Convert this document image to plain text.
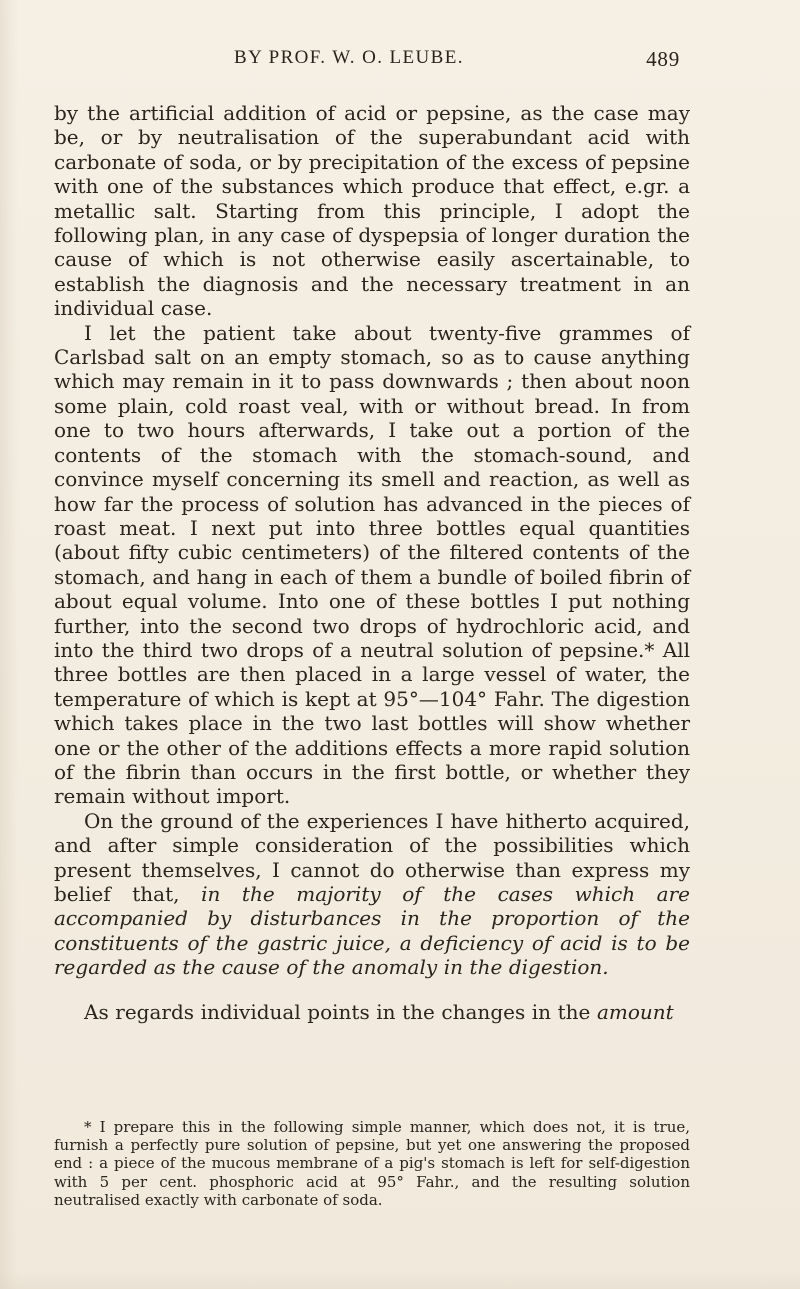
BY PROF. W. O. LEUBE.	489

by the artificial addition of acid or pepsine, as the case may be, or by neutralisation of the superabundant acid with carbonate of soda, or by precipitation of the excess of pepsine with one of the substances which produce that effect, e.gr. a metallic salt. Starting from this principle, I adopt the following plan, in any case of dyspepsia of longer duration the cause of which is not otherwise easily ascertainable, to establish the diagnosis and the necessary treatment in an individual case.

I let the patient take about twenty-five grammes of Carlsbad salt on an empty stomach, so as to cause anything which may remain in it to pass downwards ; then about noon some plain, cold roast veal, with or without bread. In from one to two hours afterwards, I take out a portion of the contents of the stomach with the stomach-sound, and convince myself concerning its smell and reaction, as well as how far the process of solution has advanced in the pieces of roast meat. I next put into three bottles equal quantities (about fifty cubic centimeters) of the filtered contents of the stomach, and hang in each of them a bundle of boiled fibrin of about equal volume. Into one of these bottles I put nothing further, into the second two drops of hydrochloric acid, and into the third two drops of a neutral solution of pepsine.* All three bottles are then placed in a large vessel of water, the temperature of which is kept at 95°—104° Fahr. The digestion which takes place in the two last bottles will show whether one or the other of the additions effects a more rapid solution of the fibrin than occurs in the first bottle, or whether they remain without import.

On the ground of the experiences I have hitherto acquired, and after simple consideration of the possibilities which present themselves, I cannot do otherwise than express my belief that, in the majority of the cases which are accompanied by disturbances in the proportion of the constituents of the gastric juice, a deficiency of acid is to be regarded as the cause of the anomaly in the digestion.

As regards individual points in the changes in the amount

* I prepare this in the following simple manner, which does not, it is true, furnish a perfectly pure solution of pepsine, but yet one answering the proposed end : a piece of the mucous membrane of a pig's stomach is left for self-digestion with 5 per cent. phosphoric acid at 95° Fahr., and the resulting solution neutralised exactly with carbonate of soda.
